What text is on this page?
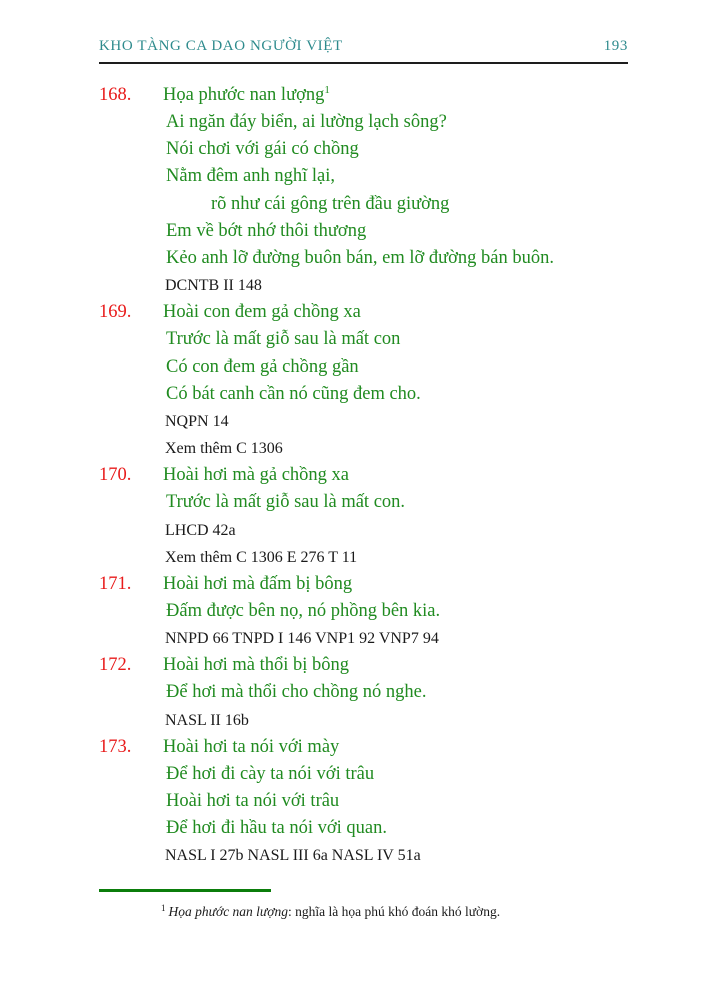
KHO TÀNG CA DAO NGƯỜI VIỆT	193
168.	Họa phước nan lượng$^1$
Ai ngăn đáy biển, ai lường lạch sông?
Nói chơi với gái có chồng
Nằm đêm anh nghĩ lại,
rõ như cái gông trên đầu giường
Em về bớt nhớ thôi thương
Kẻo anh lỡ đường buôn bán, em lỡ đường bán buôn.
DCNTB II 148
169.	Hoài con đem gả chồng xa
Trước là mất giỗ sau là mất con
Có con đem gả chồng gần
Có bát canh cần nó cũng đem cho.
NQPN 14
Xem thêm C 1306
170.	Hoài hơi mà gả chồng xa
Trước là mất giỗ sau là mất con.
LHCD 42a
Xem thêm C 1306 E 276 T 11
171.	Hoài hơi mà đấm bị bông
Đấm được bên nọ, nó phồng bên kia.
NNPD 66 TNPD I 146 VNP1 92 VNP7 94
172.	Hoài hơi mà thổi bị bông
Để hơi mà thổi cho chồng nó nghe.
NASL II 16b
173.	Hoài hơi ta nói với mày
Để hơi đi cày ta nói với trâu
Hoài hơi ta nói với trâu
Để hơi đi hầu ta nói với quan.
NASL I 27b NASL III 6a NASL IV 51a
$^1$ Họa phước nan lượng: nghĩa là họa phú khó đoán khó lường.
